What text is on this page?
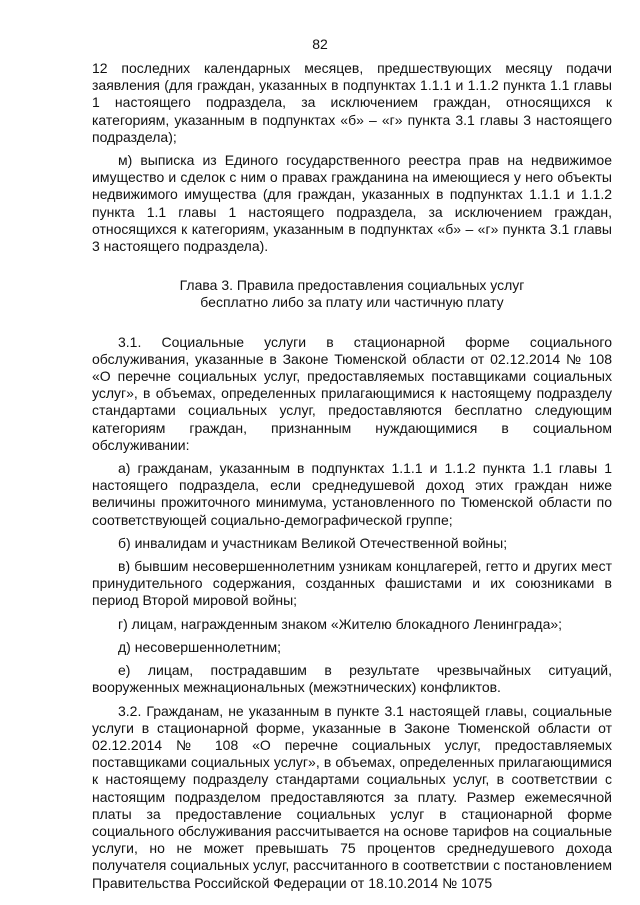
82

12 последних календарных месяцев, предшествующих месяцу подачи заявления (для граждан, указанных в подпунктах 1.1.1 и 1.1.2 пункта 1.1 главы 1 настоящего подраздела, за исключением граждан, относящихся к категориям, указанным в подпунктах «б» – «г» пункта 3.1 главы 3 настоящего подраздела);

м) выписка из Единого государственного реестра прав на недвижимое имущество и сделок с ним о правах гражданина на имеющиеся у него объекты недвижимого имущества (для граждан, указанных в подпунктах 1.1.1 и 1.1.2 пункта 1.1 главы 1 настоящего подраздела, за исключением граждан, относящихся к категориям, указанным в подпунктах «б» – «г» пункта 3.1 главы 3 настоящего подраздела).

Глава 3. Правила предоставления социальных услуг
бесплатно либо за плату или частичную плату

3.1. Социальные услуги в стационарной форме социального обслуживания, указанные в Законе Тюменской области от 02.12.2014 № 108 «О перечне социальных услуг, предоставляемых поставщиками социальных услуг», в объемах, определенных прилагающимися к настоящему подразделу стандартами социальных услуг, предоставляются бесплатно следующим категориям граждан, признанным нуждающимися в социальном обслуживании:

а) гражданам, указанным в подпунктах 1.1.1 и 1.1.2 пункта 1.1 главы 1 настоящего подраздела, если среднедушевой доход этих граждан ниже величины прожиточного минимума, установленного по Тюменской области по соответствующей социально-демографической группе;

б) инвалидам и участникам Великой Отечественной войны;

в) бывшим несовершеннолетним узникам концлагерей, гетто и других мест принудительного содержания, созданных фашистами и их союзниками в период Второй мировой войны;

г) лицам, награжденным знаком «Жителю блокадного Ленинграда»;

д) несовершеннолетним;

е) лицам, пострадавшим в результате чрезвычайных ситуаций, вооруженных межнациональных (межэтнических) конфликтов.

3.2. Гражданам, не указанным в пункте 3.1 настоящей главы, социальные услуги в стационарной форме, указанные в Законе Тюменской области от 02.12.2014 № 108 «О перечне социальных услуг, предоставляемых поставщиками социальных услуг», в объемах, определенных прилагающимися к настоящему подразделу стандартами социальных услуг, в соответствии с настоящим подразделом предоставляются за плату. Размер ежемесячной платы за предоставление социальных услуг в стационарной форме социального обслуживания рассчитывается на основе тарифов на социальные услуги, но не может превышать 75 процентов среднедушевого дохода получателя социальных услуг, рассчитанного в соответствии с постановлением Правительства Российской Федерации от 18.10.2014 № 1075
